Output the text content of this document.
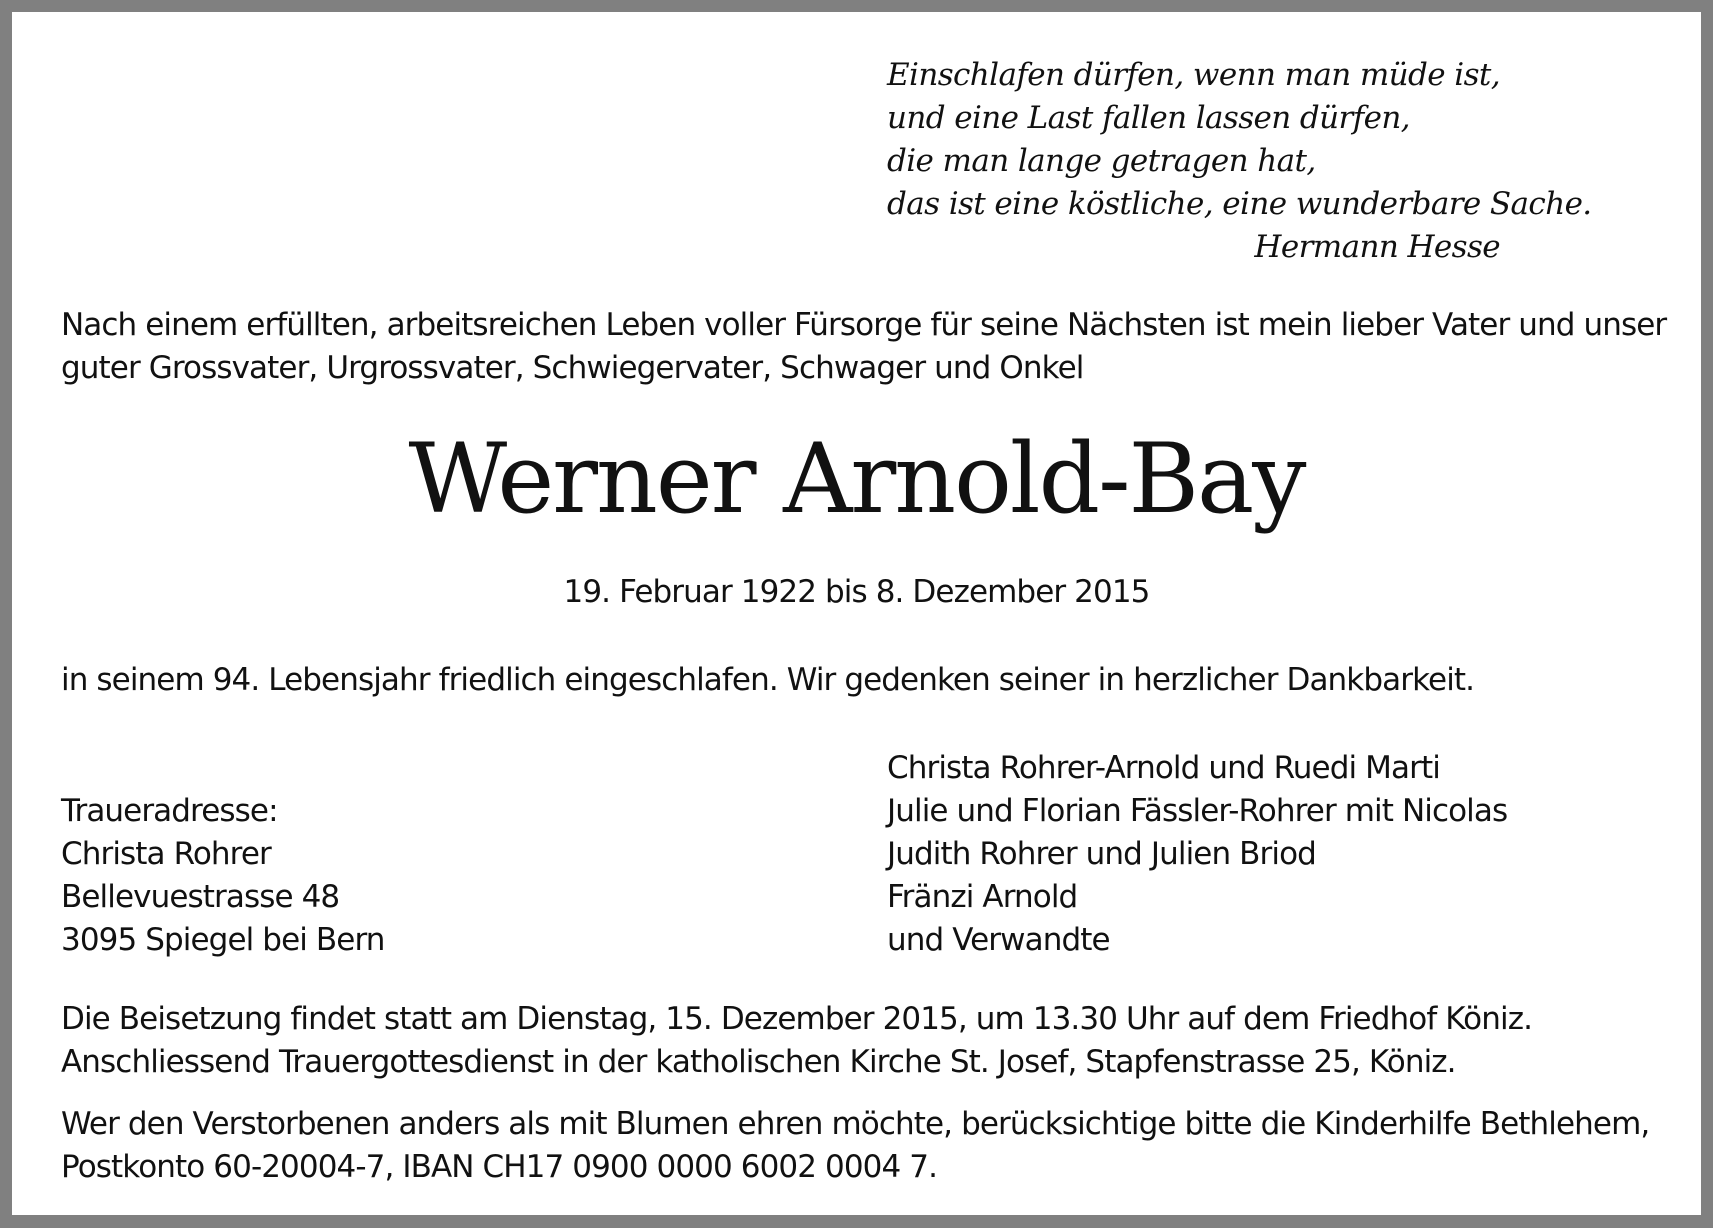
Einschlafen dürfen, wenn man müde ist,
und eine Last fallen lassen dürfen,
die man lange getragen hat,
das ist eine köstliche, eine wunderbare Sache.
Hermann Hesse
Nach einem erfüllten, arbeitsreichen Leben voller Fürsorge für seine Nächsten ist mein lieber Vater und unser
guter Grossvater, Urgrossvater, Schwiegervater, Schwager und Onkel
Werner Arnold-Bay
19. Februar 1922 bis 8. Dezember 2015
in seinem 94. Lebensjahr friedlich eingeschlafen. Wir gedenken seiner in herzlicher Dankbarkeit.
Traueradresse:
Christa Rohrer
Bellevuestrasse 48
3095 Spiegel bei Bern
Christa Rohrer-Arnold und Ruedi Marti
Julie und Florian Fässler-Rohrer mit Nicolas
Judith Rohrer und Julien Briod
Fränzi Arnold
und Verwandte
Die Beisetzung findet statt am Dienstag, 15. Dezember 2015, um 13.30 Uhr auf dem Friedhof Köniz.
Anschliessend Trauergottesdienst in der katholischen Kirche St. Josef, Stapfenstrasse 25, Köniz.
Wer den Verstorbenen anders als mit Blumen ehren möchte, berücksichtige bitte die Kinderhilfe Bethlehem,
Postkonto 60-20004-7, IBAN CH17 0900 0000 6002 0004 7.
